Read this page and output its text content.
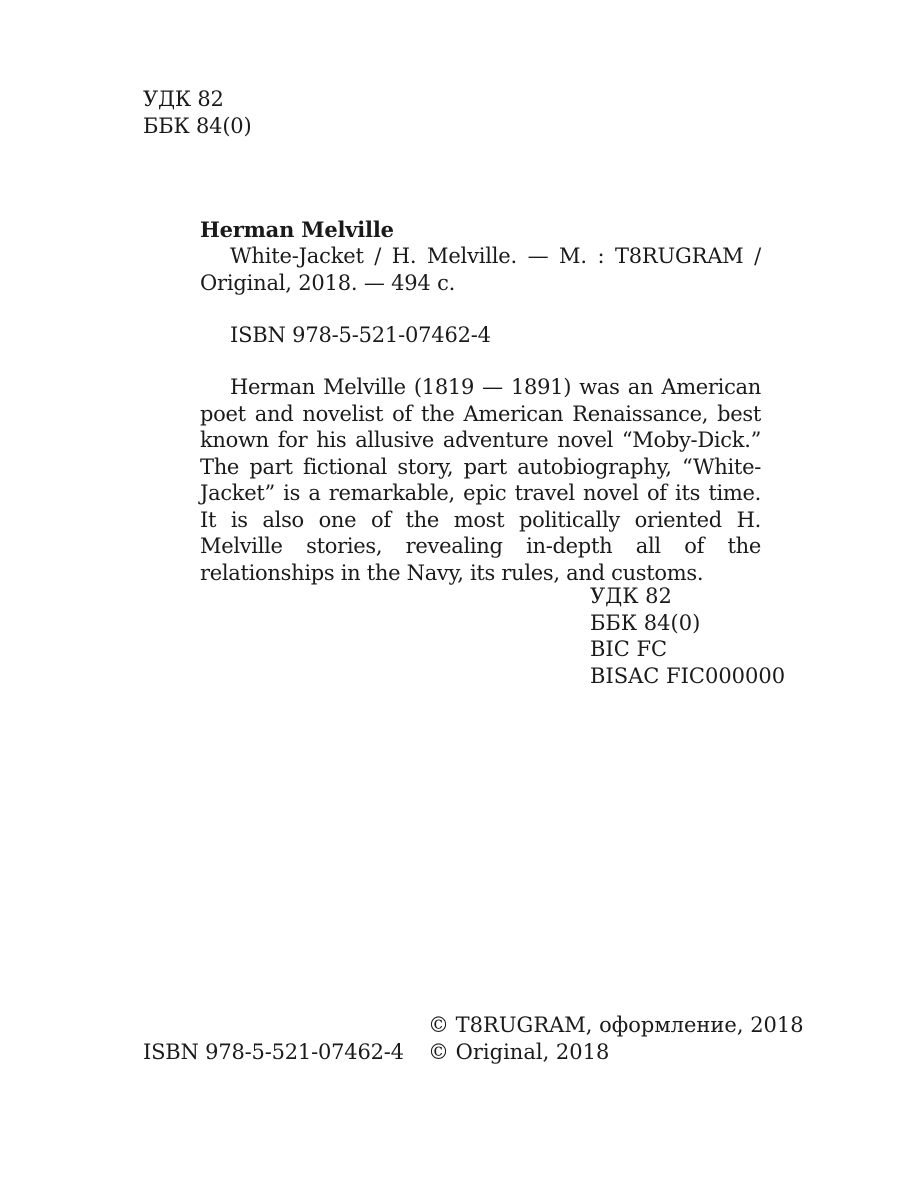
УДК 82
ББК 84(0)
Herman Melville
White-Jacket / H. Melville. — M. : T8RUGRAM / Original, 2018. — 494 c.
ISBN 978-5-521-07462-4
Herman Melville (1819 — 1891) was an American poet and novelist of the American Renaissance, best known for his allusive adventure novel “Moby-Dick.” The part fictional story, part autobiography, “White-Jacket” is a remarkable, epic travel novel of its time. It is also one of the most politically oriented H. Melville stories, revealing in-depth all of the relationships in the Navy, its rules, and customs.
УДК 82
ББК 84(0)
BIC FC
BISAC FIC000000
ISBN 978-5-521-07462-4
© T8RUGRAM, оформление, 2018
© Original, 2018
